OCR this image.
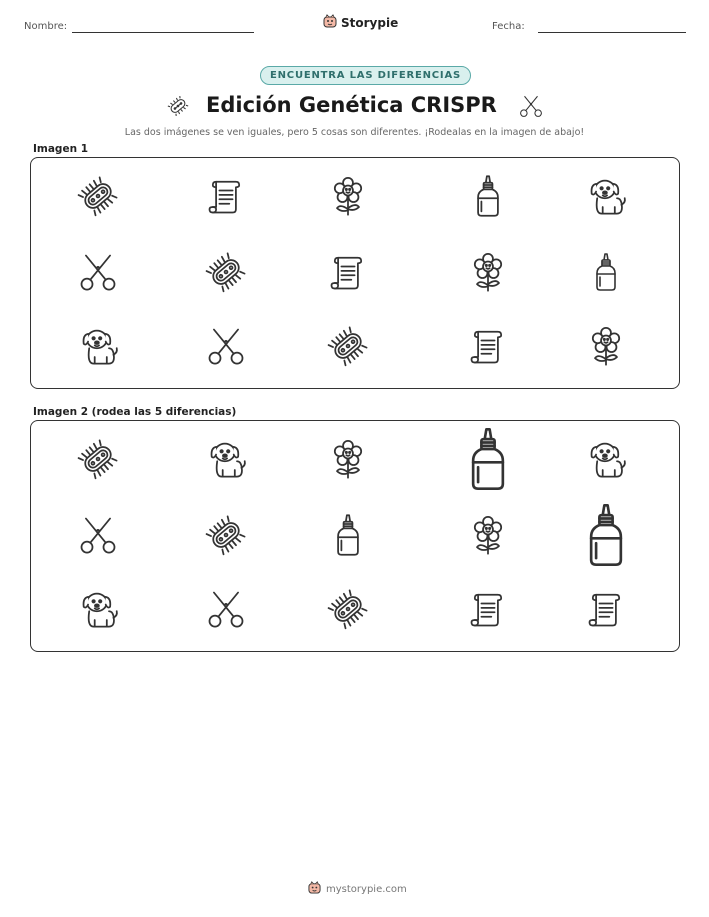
Nombre:	Storypie	Fecha:
ENCUENTRA LAS DIFERENCIAS
Edición Genética CRISPR
Las dos imágenes se ven iguales, pero 5 cosas son diferentes. ¡Rodealas en la imagen de abajo!
Imagen 1
Imagen 2 (rodea las 5 diferencias)
mystorypie.com
